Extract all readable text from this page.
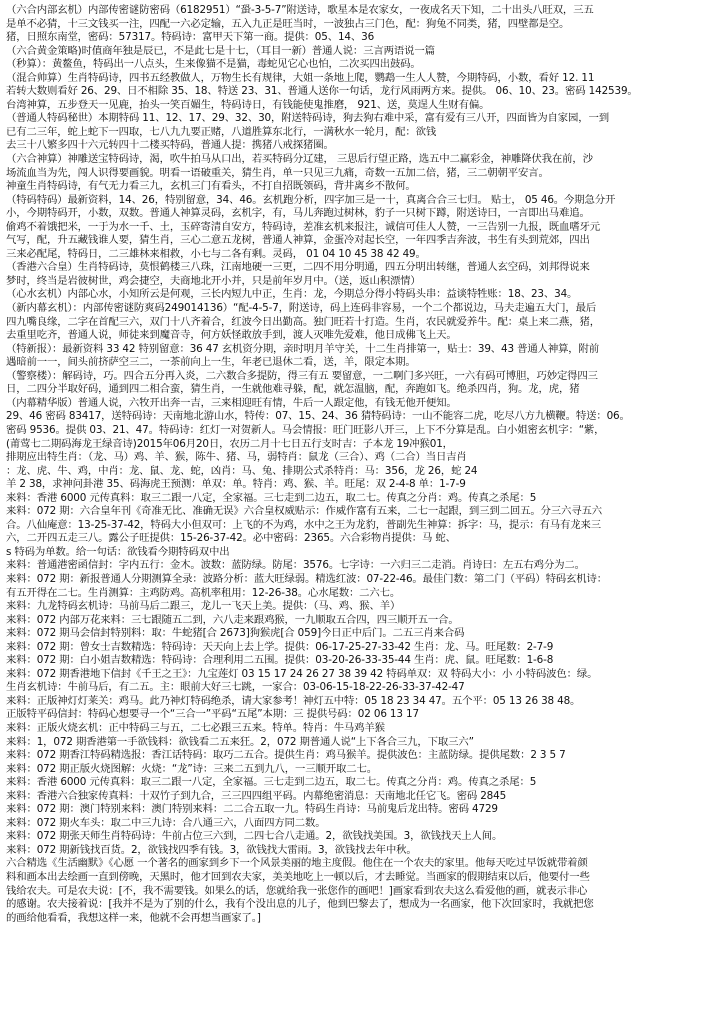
（六合内部玄机）内部传密谜防密码（6182951）“蛩-3-5-7”附送诗，歌星本是农家女，一夜成名天下知，二十出头八旺双，三五
是单不必猜，十三文钱买一注，四配一六必定输，五入九正是旺当时，一波独占三门色，配：狗兔不同类，猪，四壁都是空。
猪，日照东南堂，密码：57317。特码诗：富甲天下第一商。提供：05、14、36
（六合黄金策略)时值商年独是辰已，不是此七是十七，（耳目一新）普通人说：三言两语说一篇
（秒算）：黄鳌鱼，特码出一八点头，生来像猫不是猫，毒蛇见它心也怕，二次买四出鼓码。
（混合帅算）生肖特码诗，四书五经教做人，万物生长有规律，大姐一条地上爬，鹦鹉一生人人赞，今期特码，小数，看好 12. 11
若转大数则看好 26、29、日不相除 35、18、特送 23、31、普通人送你一句话，龙行风雨两方来。提供。 06、10、23。密码 142539。
台湾神算，五步登天一见鹿，抬头一笑百媚生，特码诗日，有钱能使鬼推磨， 921、送，莫逞人生财有偏。
（普通人特码秘世）本期特码 11、12、17、29、32、30，附送特码诗，狗去狗右难中采，富有爱有三八开，四面皆为自家园，一到
已有二三年，蛇上蛇下一四取，七八九九要正赌，八道胜算东北行，一满秋水一轮月，配：欲钱
去三十八繁多四十六元转四十二楼买特码，普通人提：携猪八戒探猪圈。
（六合神算）神雕送宝特码诗，渴，吹牛拍马从口出，若买特码分辽建， 三思后行望正路，选五中二赢彩金，神雕降伏我在前，沙
场流血当为先，闯人识得要画貌。明看一语破重关，猜生肖，单一只见三九痛，奇数一五加二倍，猪，三二朝朝平安言。
神童生肖特码诗，有气无力看三九，玄机三门有看头，不打自招既领码，背井离乡不散何。
（特码特码）最新资料，14、26，特别留意，34、46。玄机跑分析，四字加三是一十，真离合合三七归。 贴士， 05 46。今期急分开
小，今期特码开，小数，双数。普通人神算灵码，玄机字，有，马儿奔跑过树林，豹子一只树下蹲，附送诗曰，一言即出马难追。
偷鸡不着饿把米，一于为水一千、土，玉碎寄清自安方，特码诗，差准玄机来报注，诚信可佳人人赞，一三告别一九报，既血嗜牙元
气写，配，升五藏钱谁人要，猜生肖，三心二意五龙树，普通人神算，金蛋冷对起长空，一年四季吉奔波，书生有头到荒郊，四出
三来必配尾，特码日，二三雄林来相救，小七与二各有剩。灵码， 01 04 10 45 38 42 49。
（香港六合皇）生肖特码诗，莫恨鹤楼三八珠，江南地硬一三更，二四不用分明通，四五分明出转继，普通人玄空码，刘邦得说来
梦时，终当是岩彼树世，鸡会捷空，夫商地北开小并，只是前年岁月中。（送，返山积漂情）
（心水玄机）内部心水，小知所云是何观，三长内短九中正，生肖：龙，今期总分得小特码头串：益谈特牲账：18、23、34。
（新内幕玄机）：内部传密谜防爽码249014136）“配-4-5-7，附送诗，码上连码非容易，一个二个都说边，马夫走遍五大门，最后
四九嘴良缘，二字在首配三六，双门十八齐着合，红波今日出勤高。独门旺若十打造。生肖，农民就爱养牛。配：桌上来二燕，猪，
去重里吃齐，普通人说，师徒来到魔音寺，何方妖怪敢放手到，渡人灭唯先爱难，他日成佛飞上天。
（特新报）：最新资料 33 42 特别留意：36 47 玄机资分期，亲时明月羊守关，十二生肖排第一，贴士：39、43 普通人神算，附前
遇暗前一一，间头前挤萨空三二，一茶前向上一生，年老已退休二看，送，羊，限定本期。
（警察楼）：解码诗，巧。四合五分再入炎，二六数合多提防，得三有五 要留意，一二啊门多兴旺，一六有码可博胆，巧妙定得四三
日，二四分半取好码，通到四二相合蛮，猜生肖，一生就他难寻躲，配，就怎温脑，配，奔跑如飞。绝杀四肖，狗。龙，虎，猪
（内幕精华版）普通人说，六牧开出奔一吉，三来相迎旺有情，牛后一人跟定他，有钱无他开便知。
29、46 密码 83417，送特码诗：天南地北游山水，特传：07、15、24、36 猜特码诗：一山不能容二虎，吃尽八方九横鞭。特送：06。
密码 9536。提供 03、21、47。特码诗：红灯一对贺新人。马会情报：旺门旺影八开三，上下不分算是乱。白小姐密玄机字：“紫，
(莆莺七二期码海龙王绿音诗)2015年06月20日，农历二月十七日五行支时吉：子本龙 19冲猴01，
排期应出特生肖：（龙、马）鸡、羊、猴，陈牛、猪、马，弱特肖：鼠龙（三合）、鸡（二合）当日吉肖
：龙、虎、牛、鸡，中肖：龙、鼠、龙、蛇，凶肖：马、兔、排期公式杀特肖：马：356，龙 26，蛇 24
羊 2 38，求神问卦港 35、码海虎王预测：单双：单。特肖：鸡、猴、羊。旺尾：双 2-4-8 单：1-7-9
来料：香港 6000 元传真料：取三二跟一八定，全家福。三七走到二边五，取二七。传真之分肖：鸡。传真之杀尾：5
来料：072 期：六合皇年刊《奇准无比、准确无误》六合皇权威贴示：作威作富有五来，二七一起跟，到三到二回五。分三六寻五六
合。八仙庵意：13-25-37-42，特码大小但双可：上飞的不为鸡，水中之王为龙豹，普副先生神算：拆字：马，提示：有马有龙来三
六，二开四五走三八。露公子旺提供：15-26-37-42。必中密码：2365。六合彩物肖提供：马 蛇、
s 特码为单数。给一句话：欲钱看今期特码双中出
来料：普通港密函信封：字内五行：金木。波数：蓝防绿。防尾：3576。七字诗：一六归三二走消。肖诗曰：左五右鸡分为二。
来料：072 期：新报普通人分期测算全录：波路分析：蓝大旺绿弱。精选红波：07-22-46。最佳门数：第二门（平码）特码玄机诗：
有五开得在二七。生肖测算：主鸡防鸡。高机率租用：12-26-38。心水尾数：二六七。
来料：九龙特码玄机诗：马前马后二跟三，龙儿一飞天上美。提供：（马、鸡、猴、羊）
来料：072 内部万花来料：三七跟随五二到，六八走来跟鸡猴，一九顺取五合四，四三顺开五一合。
来料：072 期马会信封特别料：取：牛蛇猪[合 2673]狗猴虎[合 059]今日正中后门。二五三肖来合码
来料：072 期：曾女士吉数精选：特码诗：天天向上去上学。提供：06-17-25-27-33-42 生肖：龙、马。旺尾数：2-7-9
来料：072 期：白小姐吉数精选：特码诗：合理利用二五围。提供：03-20-26-33-35-44 生肖：虎、鼠。旺尾数：1-6-8
来料：072 期香港地下信封《千王之王》：九宝莲灯 03 15 17 24 26 27 38 39 42 特码单双：双 特码大小：小 小特码波色：绿。
生肖玄机诗：牛前马后，有二五。主：眼前大好三七跳，一家合：03-06-15-18-22-26-33-37-42-47
来料：正版神灯灯莱关：鸡马。此乃神灯特码绝杀，请大家参考！神灯五中特：05 18 23 34 47。五个平：05 13 26 38 48。
正版特平码信封：特码心想要寻一个“三合一”平码“五尾”本期：三 提供号码：02 06 13 17
来料：正版火烧玄机：正中特码三与五，二七必跟三五来。特单。特肖：牛马鸡羊猴
来料：1，072 期香港第一手欲钱料：欲钱看二五来狂。2，072 期普通人说“上下各合三九，下取三六”
来料：072 期香江特码精选报：香江话特码：取巧二五合。提供生肖：鸡马猴羊。提供波色：主蓝防绿。提供尾数：2 3 5 7
来料：072 期正版火烧图解：火烧：“龙”诗：三来二五到九八，一三顺开取二七。
来料：香港 6000 元传真料：取三二跟一八定，全家福。三七走到二边五，取二七。传真之分肖：鸡。传真之杀尾：5
来料：香港六合独家传真料：十双竹子到九合，三三四四组平码。内幕绝密消息：天南地北任它飞。密码 2845
来料：072 期：澳门特别来料：澳门特别来料：二二合五取一九。特码生肖诗：马前鬼后龙出特。密码 4729
来料：072 期火车头：取二中三九诗：合八通三六，八面四方同二数。
来料：072 期张天师生肖特码诗：牛前占位三六到，二四七合八走通。2，欲钱找美国。3，欲钱找天上人间。
来料：072 期新钱找百货。2，欲钱找四季有钱。3，欲钱找大雷雨。3，欲钱找去年中秋。
六合精选《生活幽默》《心愿 一个著名的画家到乡下一个风景美丽的地主度假。他住在一个农夫的家里。他每天吃过早饭就带着颜
料和画本出去绘画一直到傍晚，天黑时，他才回到农夫家，美美地吃上一顿以后，才去睡觉。当画家的假期结束以后，他要付一些
钱给农夫。可是农夫说：[不，我不需要钱。如果么的话，您就给我一张您作的画吧！]画家看到农夫这么看爱他的画，就表示非心
的感谢。农夫接着说：[我并不是为了别的什么，我有个没出息的儿子，他到巴黎去了，想成为一名画家，他下次回家时，我就把您
的画给他看看，我想这样一来，他就不会再想当画家了。]
